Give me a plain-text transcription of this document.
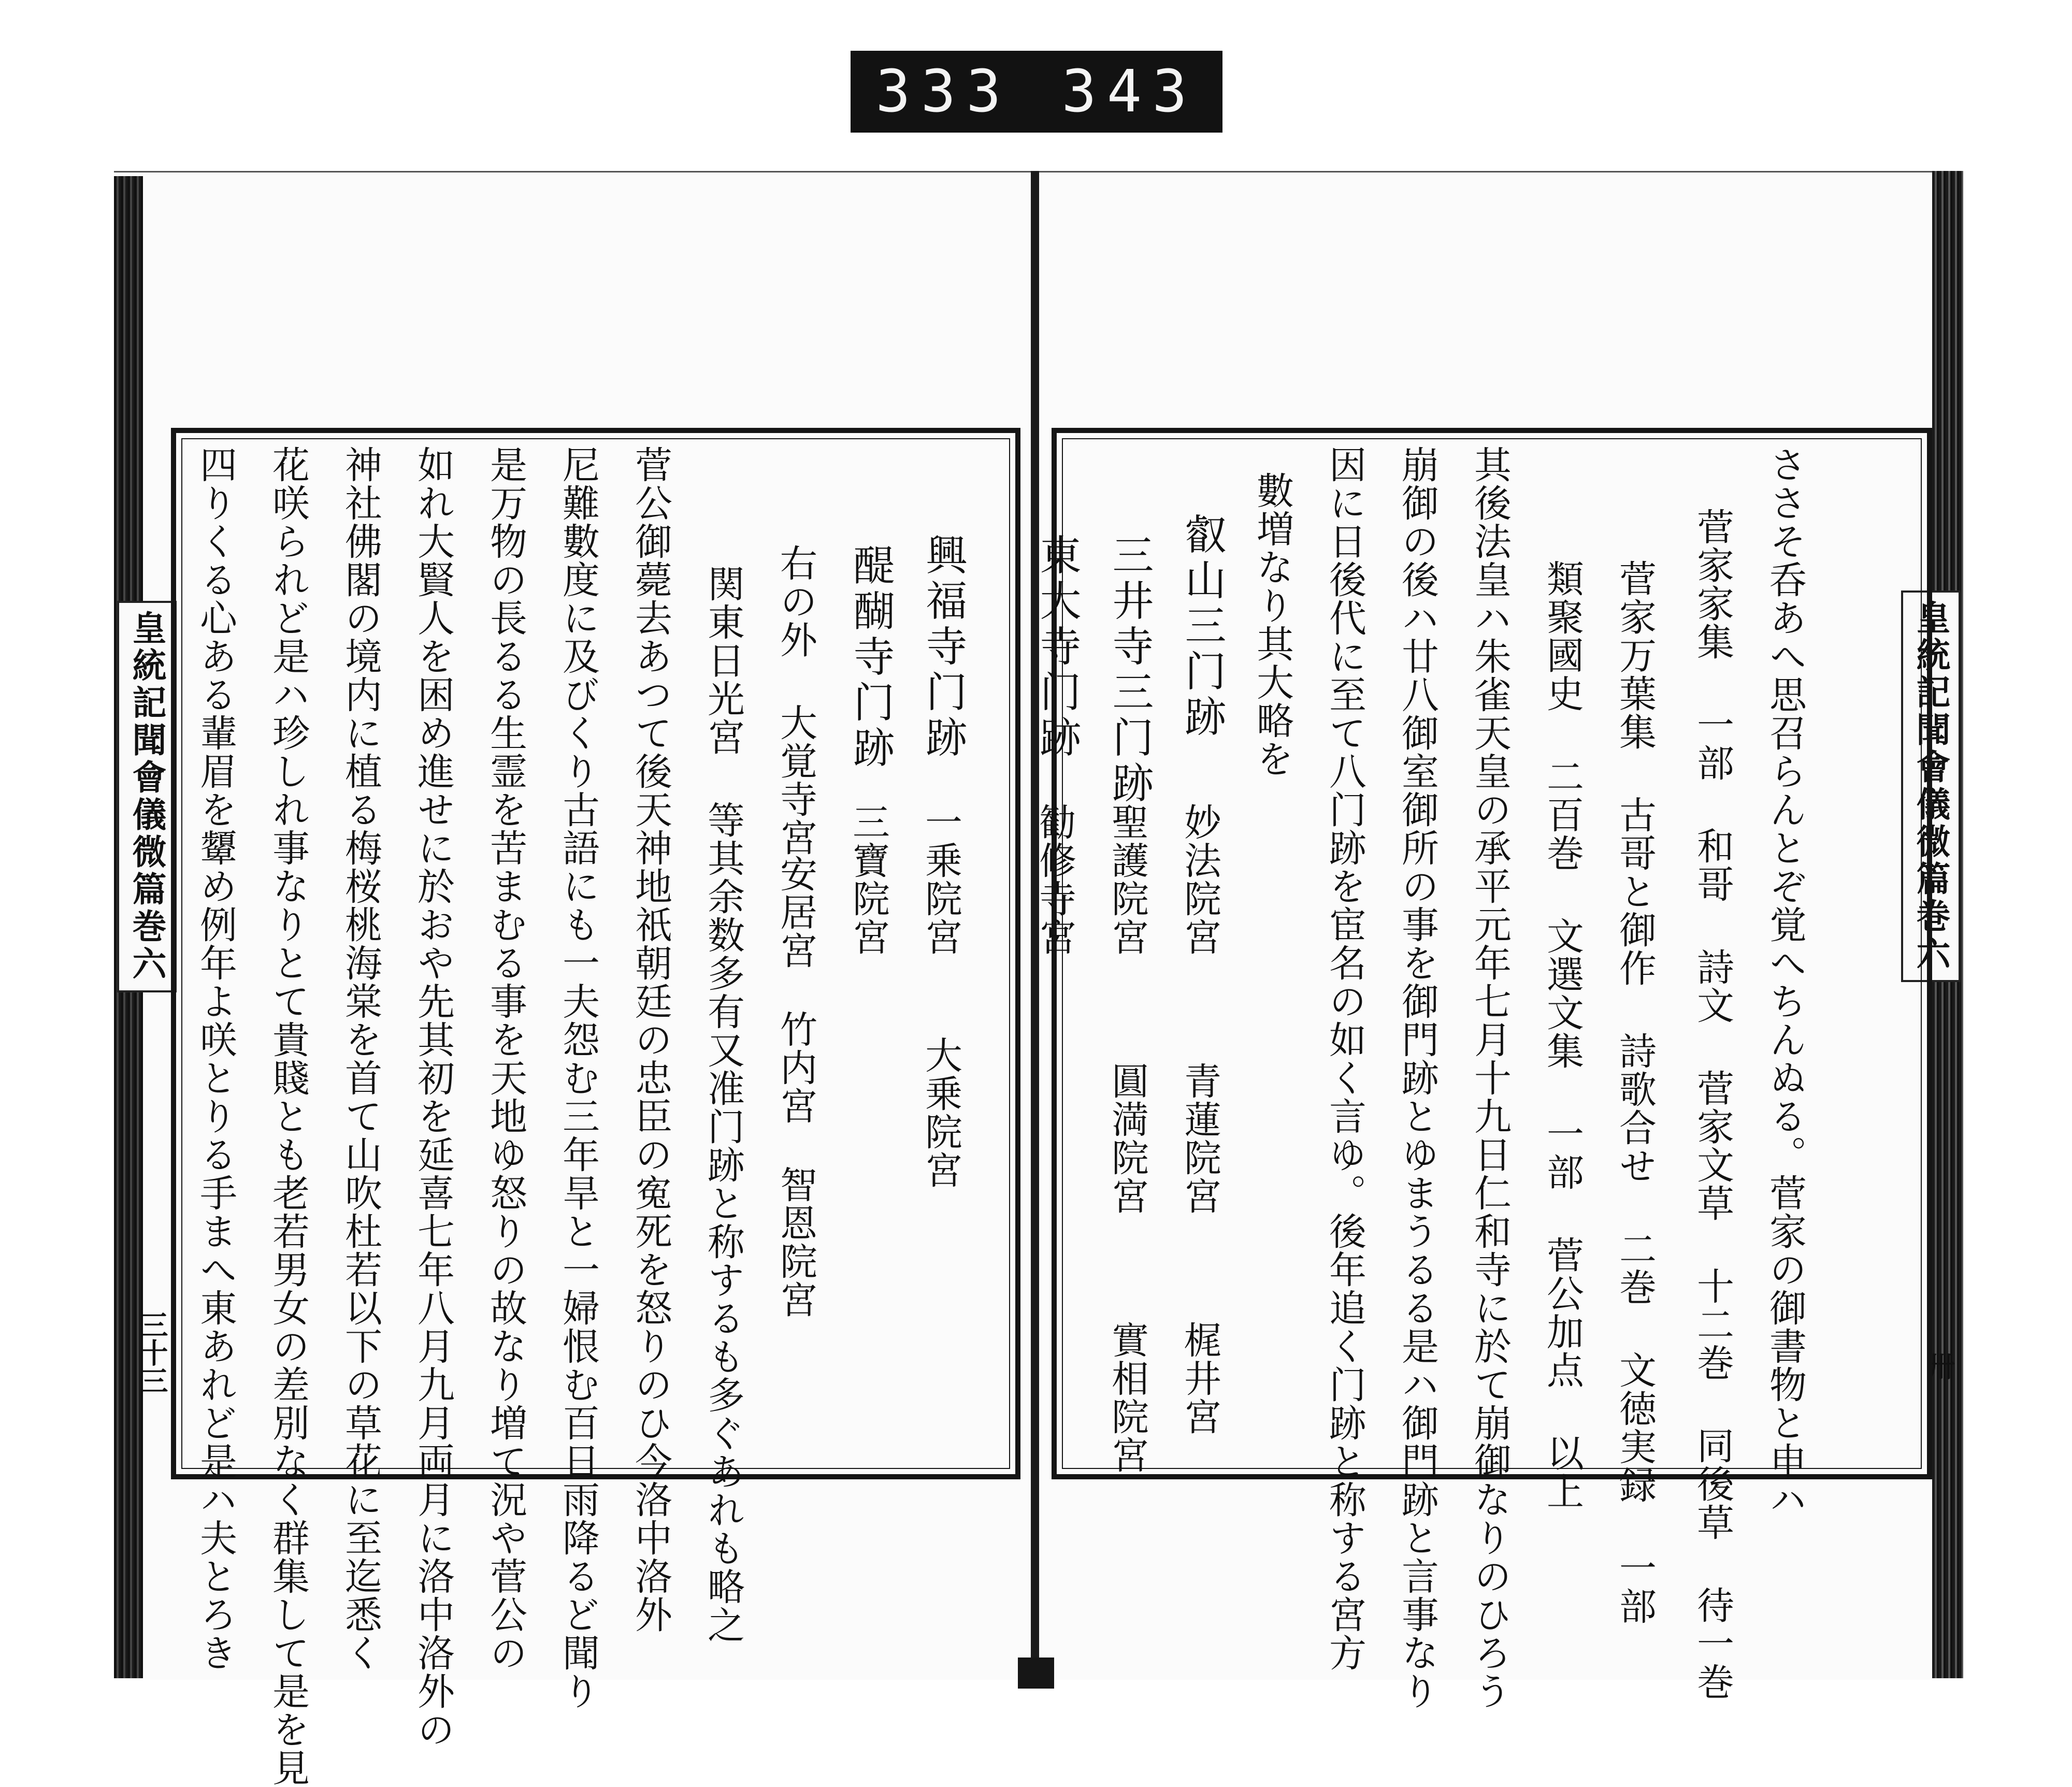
333 343
皇統記聞會儀微篇巻六
三十三
皇統記聞會儀微篇巻六
卅
ささそ呑あへ思召らんとぞ覚へちんぬる。菅家の御書物と申ハ
菅家家集 一部 和哥 詩文 菅家文草 十二巻 同後草 待一巻
菅家万葉集 古哥と御作 詩歌合せ 二巻 文徳実録 一部
類聚國史 二百巻 文選文集 一部 菅公加点 以上
其後法皇ハ朱雀天皇の承平元年七月十九日仁和寺に於て崩御なりのひろう
崩御の後ハ廿八御室御所の事を御門跡とゆまうるる是ハ御門跡と言事なり
因に日後代に至て八门跡を宦名の如く言ゆ。後年追く门跡と称する宮方
數増なり其大略を
叡山三门跡
妙法院宮
青蓮院宮
梶井宮
三井寺三门跡
聖護院宮
圓満院宮
實相院宮
東大寺门跡
勧修寺宮
興福寺门跡
一乗院宮
大乗院宮
醍醐寺门跡
三寶院宮
右の外 大覚寺宮
安居宮
竹内宮
智恩院宮
関東日光宮 等其余数多有又准门跡と称するも多ぐあれも略之
菅公御薨去あつて後天神地祇朝廷の忠臣の寃死を怒りのひ今洛中洛外
尼難數度に及びくり古語にも一夫怨む三年旱と一婦恨む百日雨降るど聞り
是万物の長るる生霊を苦まむる事を天地ゆ怒りの故なり増て況や菅公の
如れ大賢人を困め進せに於おや先其初を延喜七年八月九月両月に洛中洛外の
神社佛閣の境内に植る梅桜桃海棠を首て山吹杜若以下の草花に至迄悉く
花咲られど是ハ珍しれ事なりとて貴賤とも老若男女の差別なく群集して是を見
四りくる心ある輩眉を顰め例年よ咲とりる手まへ東あれど是ハ夫とろき
